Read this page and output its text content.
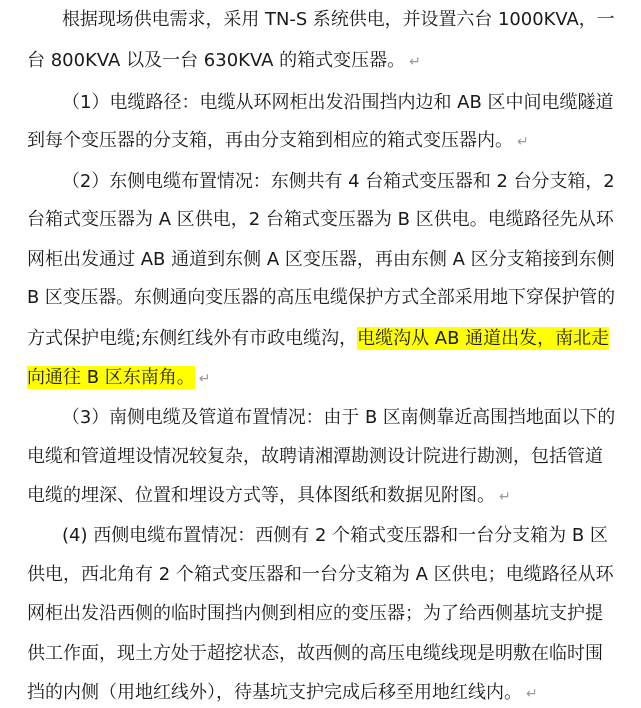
根据现场供电需求，采用 TN-S 系统供电，并设置六台 1000KVA，一
台 800KVA 以及一台 630KVA 的箱式变压器。 ↵
（1）电缆路径：电缆从环网柜出发沿围挡内边和 AB 区中间电缆隧道
到每个变压器的分支箱，再由分支箱到相应的箱式变压器内。 ↵
（2）东侧电缆布置情况：东侧共有 4 台箱式变压器和 2 台分支箱，2
台箱式变压器为 A 区供电，2 台箱式变压器为 B 区供电。电缆路径先从环
网柜出发通过 AB 通道到东侧 A 区变压器，再由东侧 A 区分支箱接到东侧
B 区变压器。东侧通向变压器的高压电缆保护方式全部采用地下穿保护管的
方式保护电缆;东侧红线外有市政电缆沟，电缆沟从 AB 通道出发，南北走
向通往 B 区东南角。 ↵
（3）南侧电缆及管道布置情况：由于 B 区南侧靠近高围挡地面以下的
电缆和管道埋设情况较复杂，故聘请湘潭勘测设计院进行勘测，包括管道
电缆的埋深、位置和埋设方式等，具体图纸和数据见附图。 ↵
(4) 西侧电缆布置情况：西侧有 2 个箱式变压器和一台分支箱为 B 区
供电，西北角有 2 个箱式变压器和一台分支箱为 A 区供电；电缆路径从环
网柜出发沿西侧的临时围挡内侧到相应的变压器；为了给西侧基坑支护提
供工作面，现土方处于超挖状态，故西侧的高压电缆线现是明敷在临时围
挡的内侧（用地红线外），待基坑支护完成后移至用地红线内。 ↵
